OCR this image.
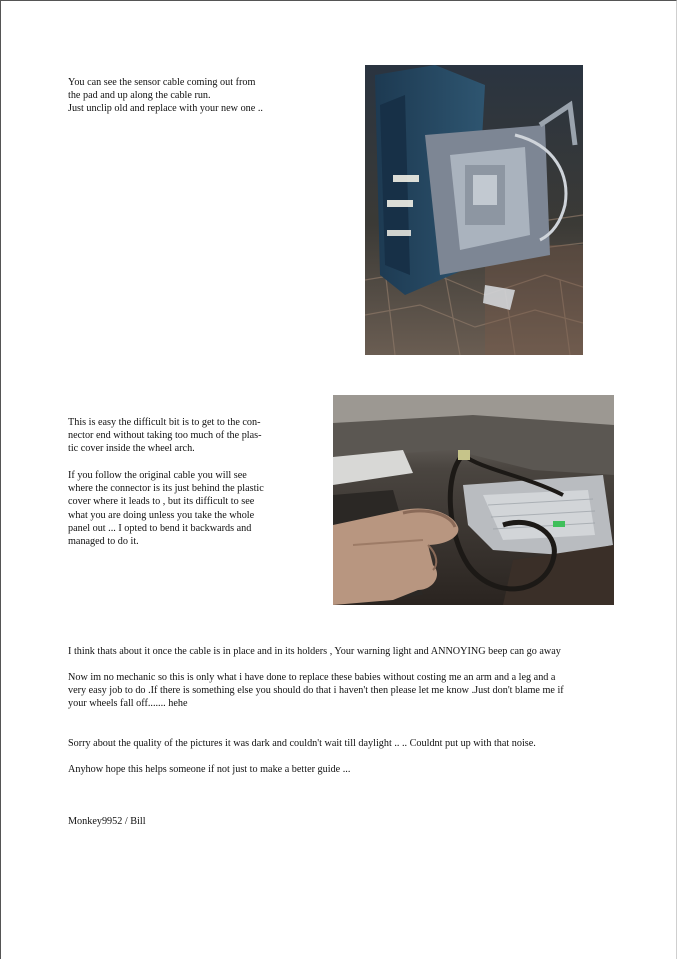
You can see the sensor cable coming out from
the pad and up along the cable run.
Just unclip old and replace with your new one ..
This is easy the difficult bit is to get to the con-
nector end without taking too much of the plas-
tic cover inside the wheel arch.
If you follow the original cable you will see
where the connector is its just behind the plastic
cover where it leads to , but its difficult to see
what you are doing unless you take the whole
panel out ... I opted to bend it backwards and
managed to do it.
I think thats about it once the cable is in place and in its holders , Your warning light and ANNOYING beep can go away
Now im no mechanic so this is only what i have done to replace these babies without costing me an arm and a leg and a
very easy job to do .If there is something else you should do that i haven't then please let me know .Just don't blame me if
your wheels fall off....... hehe
Sorry about the quality of the pictures it was dark and couldn't wait till daylight .. .. Couldnt put up with that noise.
Anyhow hope this helps someone if not just to make a better guide ...
Monkey9952 / Bill
